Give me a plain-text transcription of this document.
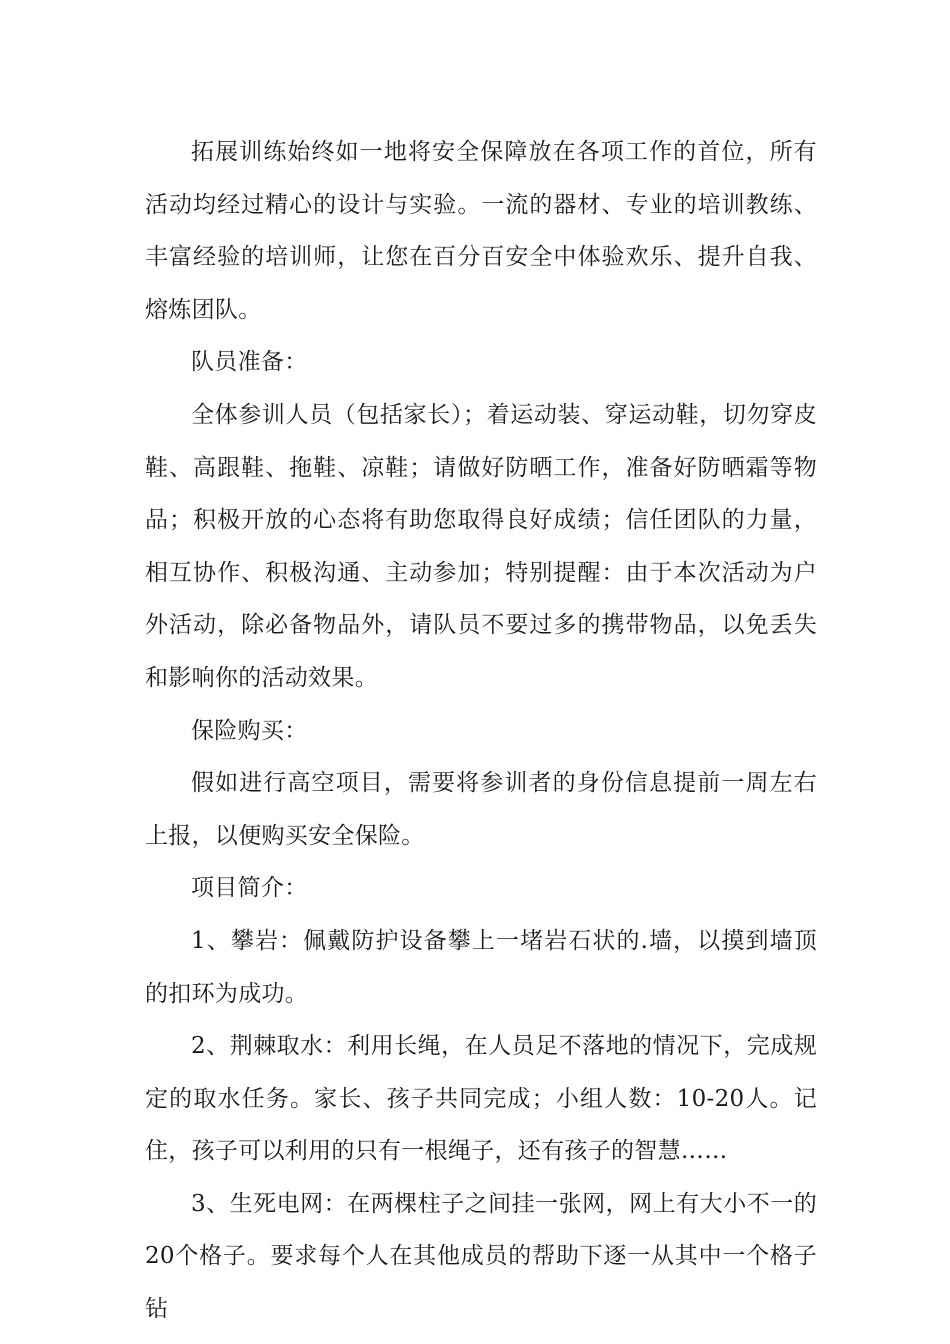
拓展训练始终如一地将安全保障放在各项工作的首位，所有活动均经过精心的设计与实验。一流的器材、专业的培训教练、丰富经验的培训师，让您在百分百安全中体验欢乐、提升自我、熔炼团队。

队员准备：

全体参训人员（包括家长）；着运动装、穿运动鞋，切勿穿皮鞋、高跟鞋、拖鞋、凉鞋；请做好防晒工作，准备好防晒霜等物品；积极开放的心态将有助您取得良好成绩；信任团队的力量，相互协作、积极沟通、主动参加；特别提醒：由于本次活动为户外活动，除必备物品外，请队员不要过多的携带物品，以免丢失和影响你的活动效果。

保险购买：

假如进行高空项目，需要将参训者的身份信息提前一周左右上报，以便购买安全保险。

项目简介：

1、攀岩：佩戴防护设备攀上一堵岩石状的.墙，以摸到墙顶的扣环为成功。

2、荆棘取水：利用长绳，在人员足不落地的情况下，完成规定的取水任务。家长、孩子共同完成；小组人数：10-20人。记住，孩子可以利用的只有一根绳子，还有孩子的智慧……

3、生死电网：在两棵柱子之间挂一张网，网上有大小不一的20个格子。要求每个人在其他成员的帮助下逐一从其中一个格子钻
